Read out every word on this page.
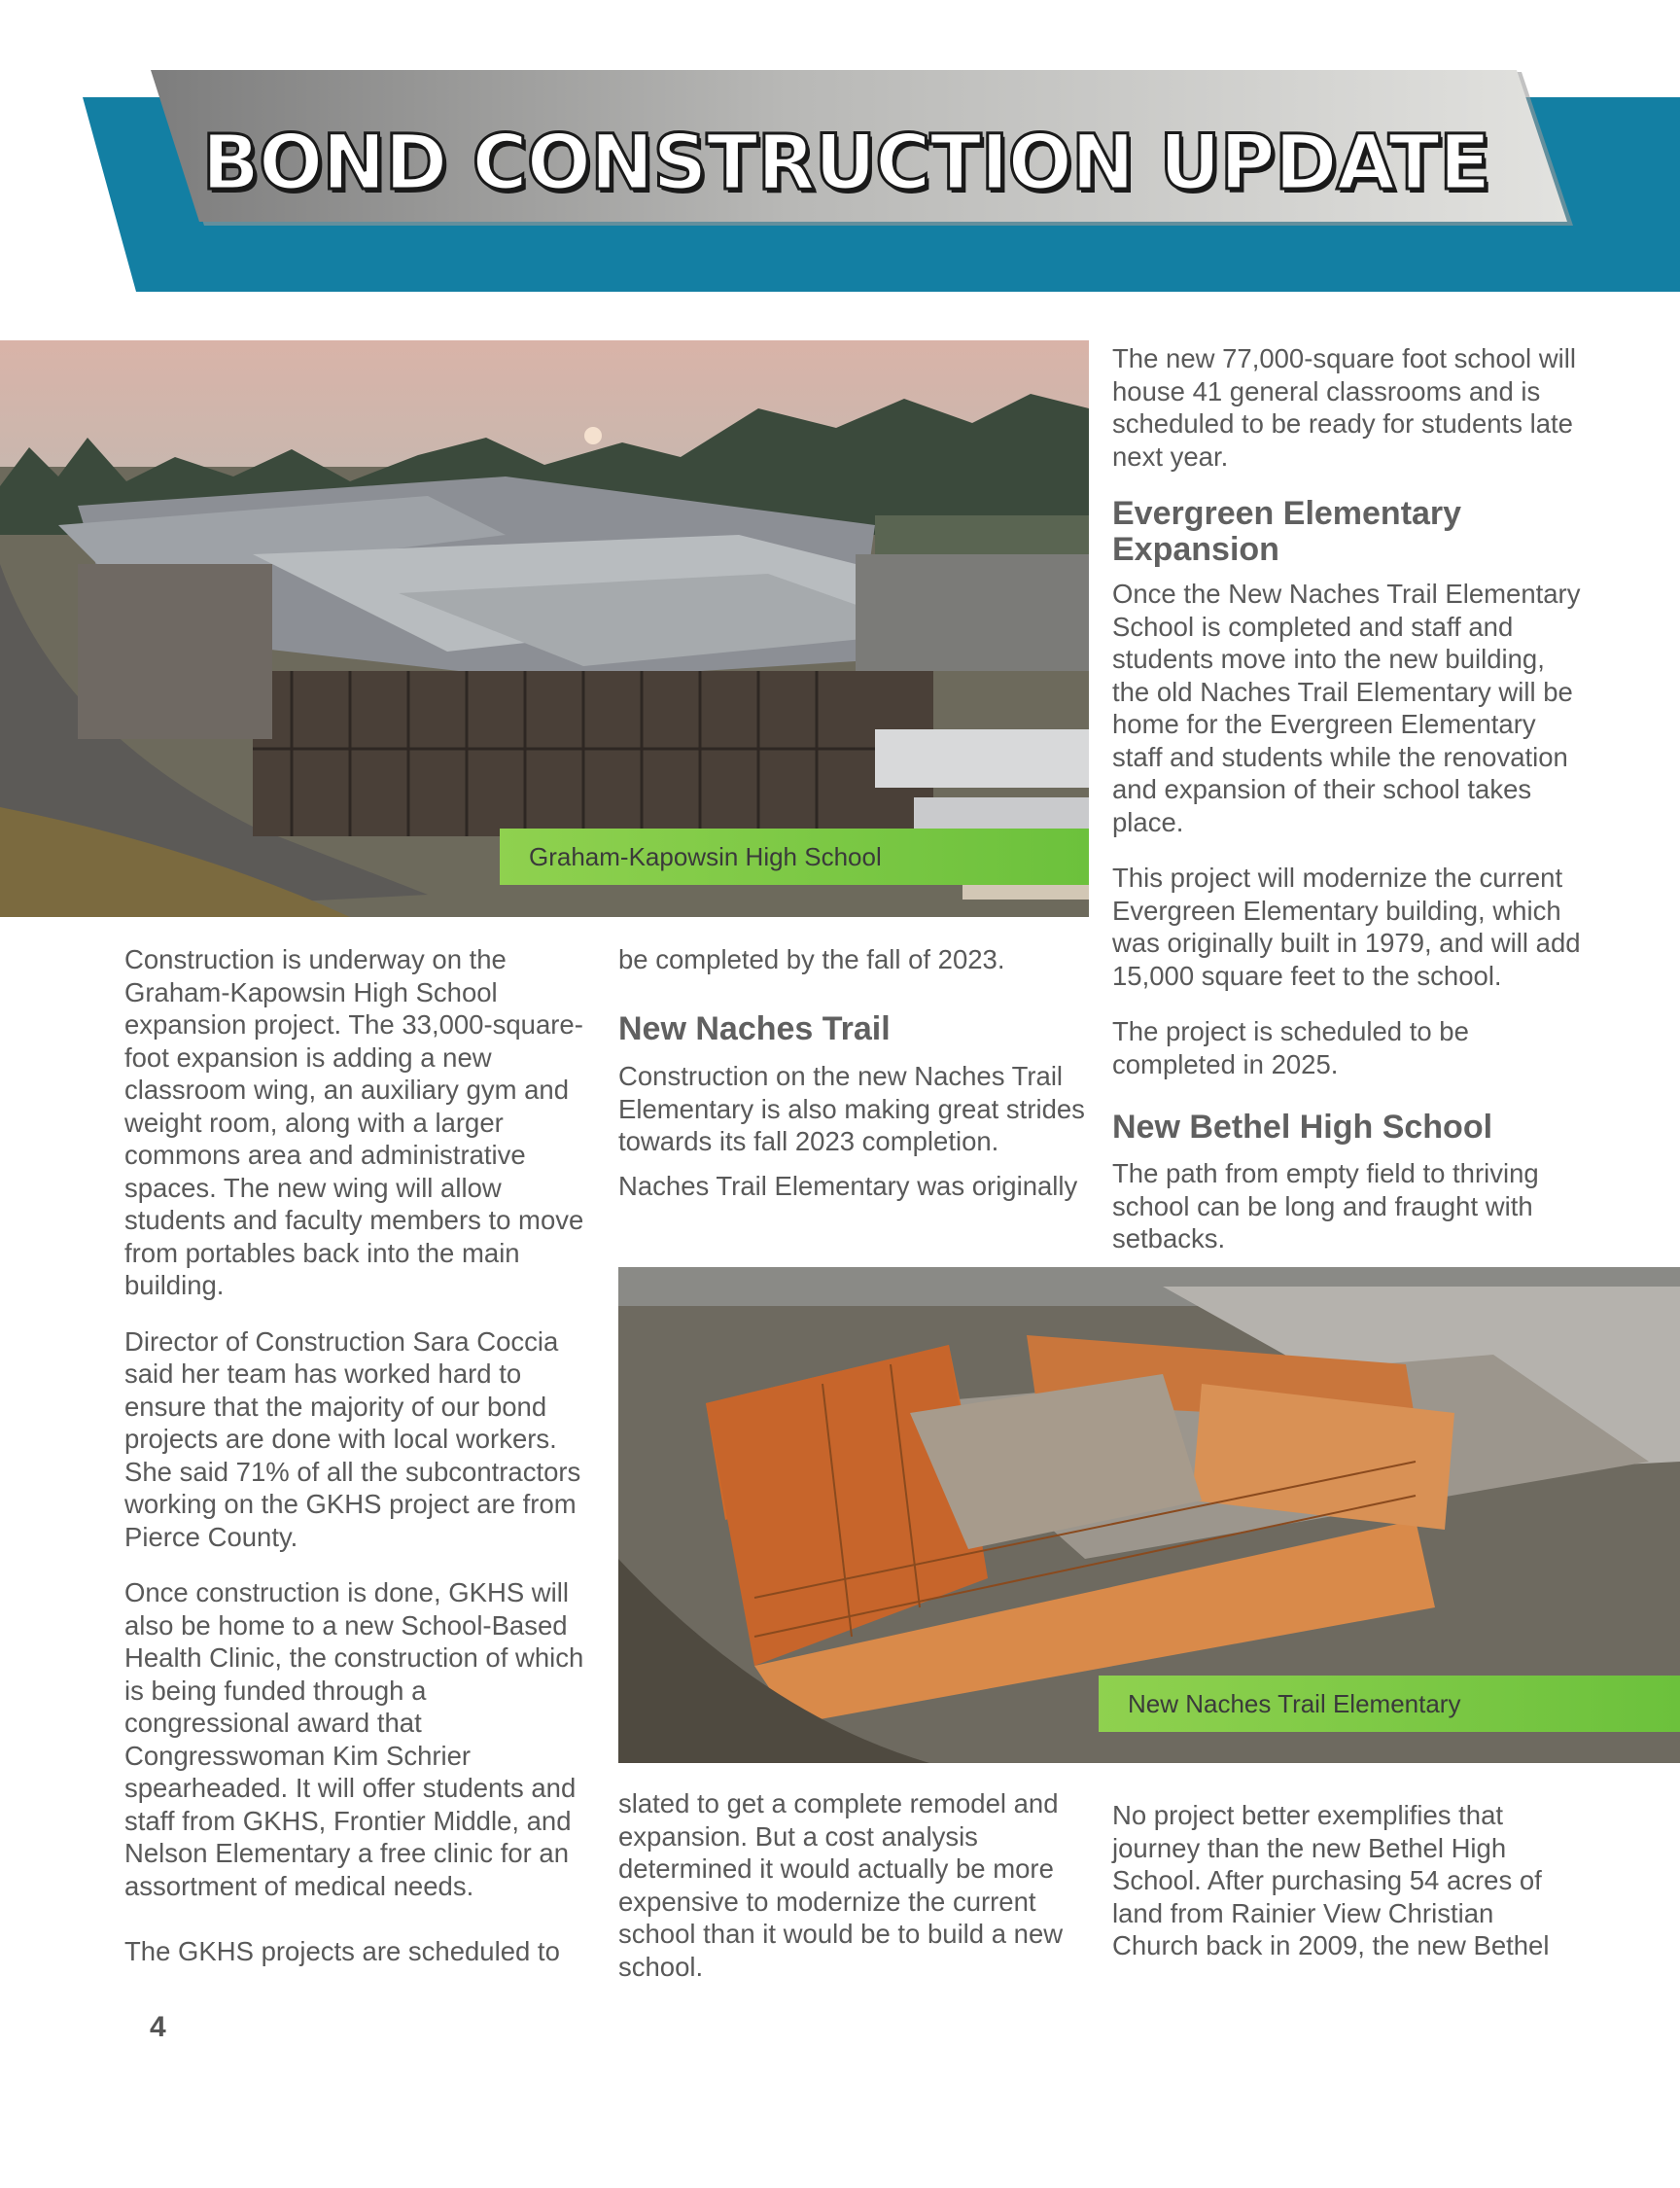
BOND CONSTRUCTION UPDATE
Graham-Kapowsin High School
New Naches Trail Elementary

Construction is underway on the Graham-Kapowsin High School expansion project. The 33,000-square-foot expansion is adding a new classroom wing, an auxiliary gym and weight room, along with a larger commons area and administrative spaces. The new wing will allow students and faculty members to move from portables back into the main building.

Director of Construction Sara Coccia said her team has worked hard to ensure that the majority of our bond projects are done with local workers. She said 71% of all the subcontractors working on the GKHS project are from Pierce County.

Once construction is done, GKHS will also be home to a new School-Based Health Clinic, the construction of which is being funded through a congressional award that Congresswoman Kim Schrier spearheaded. It will offer students and staff from GKHS, Frontier Middle, and Nelson Elementary a free clinic for an assortment of medical needs.

The GKHS projects are scheduled to

be completed by the fall of 2023.

New Naches Trail

Construction on the new Naches Trail Elementary is also making great strides towards its fall 2023 completion.

Naches Trail Elementary was originally

slated to get a complete remodel and expansion. But a cost analysis determined it would actually be more expensive to modernize the current school than it would be to build a new school.

The new 77,000-square foot school will house 41 general classrooms and is scheduled to be ready for students late next year.

Evergreen Elementary Expansion

Once the New Naches Trail Elementary School is completed and staff and students move into the new building, the old Naches Trail Elementary will be home for the Evergreen Elementary staff and students while the renovation and expansion of their school takes place.

This project will modernize the current Evergreen Elementary building, which was originally built in 1979, and will add 15,000 square feet to the school.

The project is scheduled to be completed in 2025.

New Bethel High School

The path from empty field to thriving school can be long and fraught with setbacks.

No project better exemplifies that journey than the new Bethel High School. After purchasing 54 acres of land from Rainier View Christian Church back in 2009, the new Bethel

4
